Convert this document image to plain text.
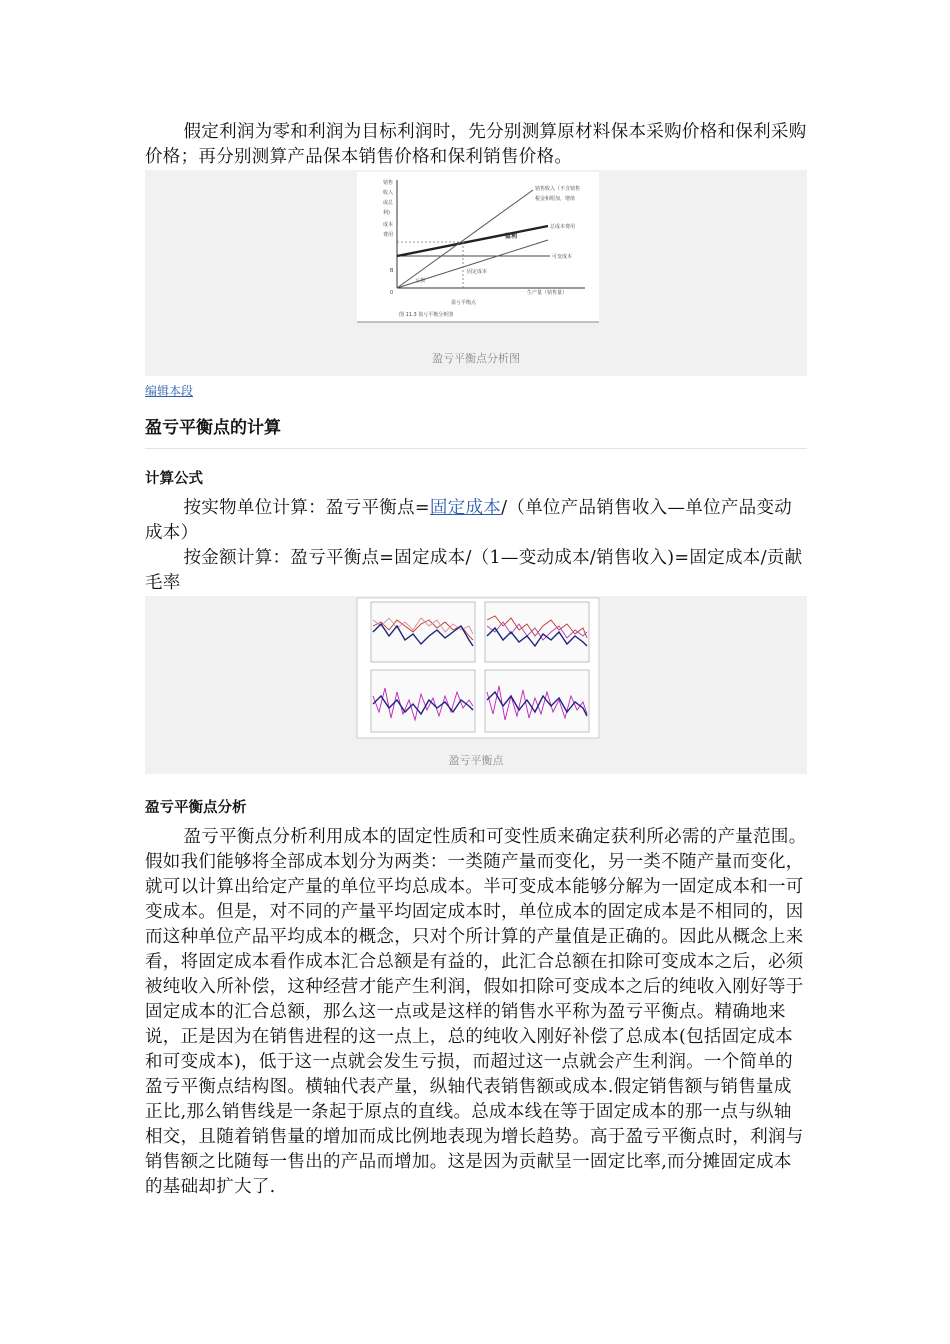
假定利润为零和利润为目标利润时，先分别测算原材料保本采购价格和保利采购价格；再分别测算产品保本销售价格和保利销售价格。

销售
收入
或总
利)
成本
费用
销售收入（不含销售
税金和附加，增值
盈利
总成本费用
可变成本
固定成本
亏损
盈亏平衡点
生产量（销售量）
0
B
图 11.3 盈亏平衡分析图
盈亏平衡点分析图
编辑本段
盈亏平衡点的计算
计算公式

按实物单位计算：盈亏平衡点=固定成本/（单位产品销售收入—单位产品变动成本）

按金额计算：盈亏平衡点=固定成本/（1—变动成本/销售收入)=固定成本/贡献毛率

盈亏平衡点
盈亏平衡点分析

盈亏平衡点分析利用成本的固定性质和可变性质来确定获利所必需的产量范围。假如我们能够将全部成本划分为两类：一类随产量而变化，另一类不随产量而变化，就可以计算出给定产量的单位平均总成本。半可变成本能够分解为一固定成本和一可变成本。但是，对不同的产量平均固定成本时，单位成本的固定成本是不相同的，因而这种单位产品平均成本的概念，只对个所计算的产量值是正确的。因此从概念上来看，将固定成本看作成本汇合总额是有益的，此汇合总额在扣除可变成本之后，必须被纯收入所补偿，这种经营才能产生利润，假如扣除可变成本之后的纯收入刚好等于固定成本的汇合总额，那么这一点或是这样的销售水平称为盈亏平衡点。精确地来说，正是因为在销售进程的这一点上，总的纯收入刚好补偿了总成本(包括固定成本和可变成本)，低于这一点就会发生亏损，而超过这一点就会产生利润。一个简单的盈亏平衡点结构图。横轴代表产量，纵轴代表销售额或成本.假定销售额与销售量成正比,那么销售线是一条起于原点的直线。总成本线在等于固定成本的那一点与纵轴相交，且随着销售量的增加而成比例地表现为增长趋势。高于盈亏平衡点时，利润与销售额之比随每一售出的产品而增加。这是因为贡献呈一固定比率,而分摊固定成本的基础却扩大了.
